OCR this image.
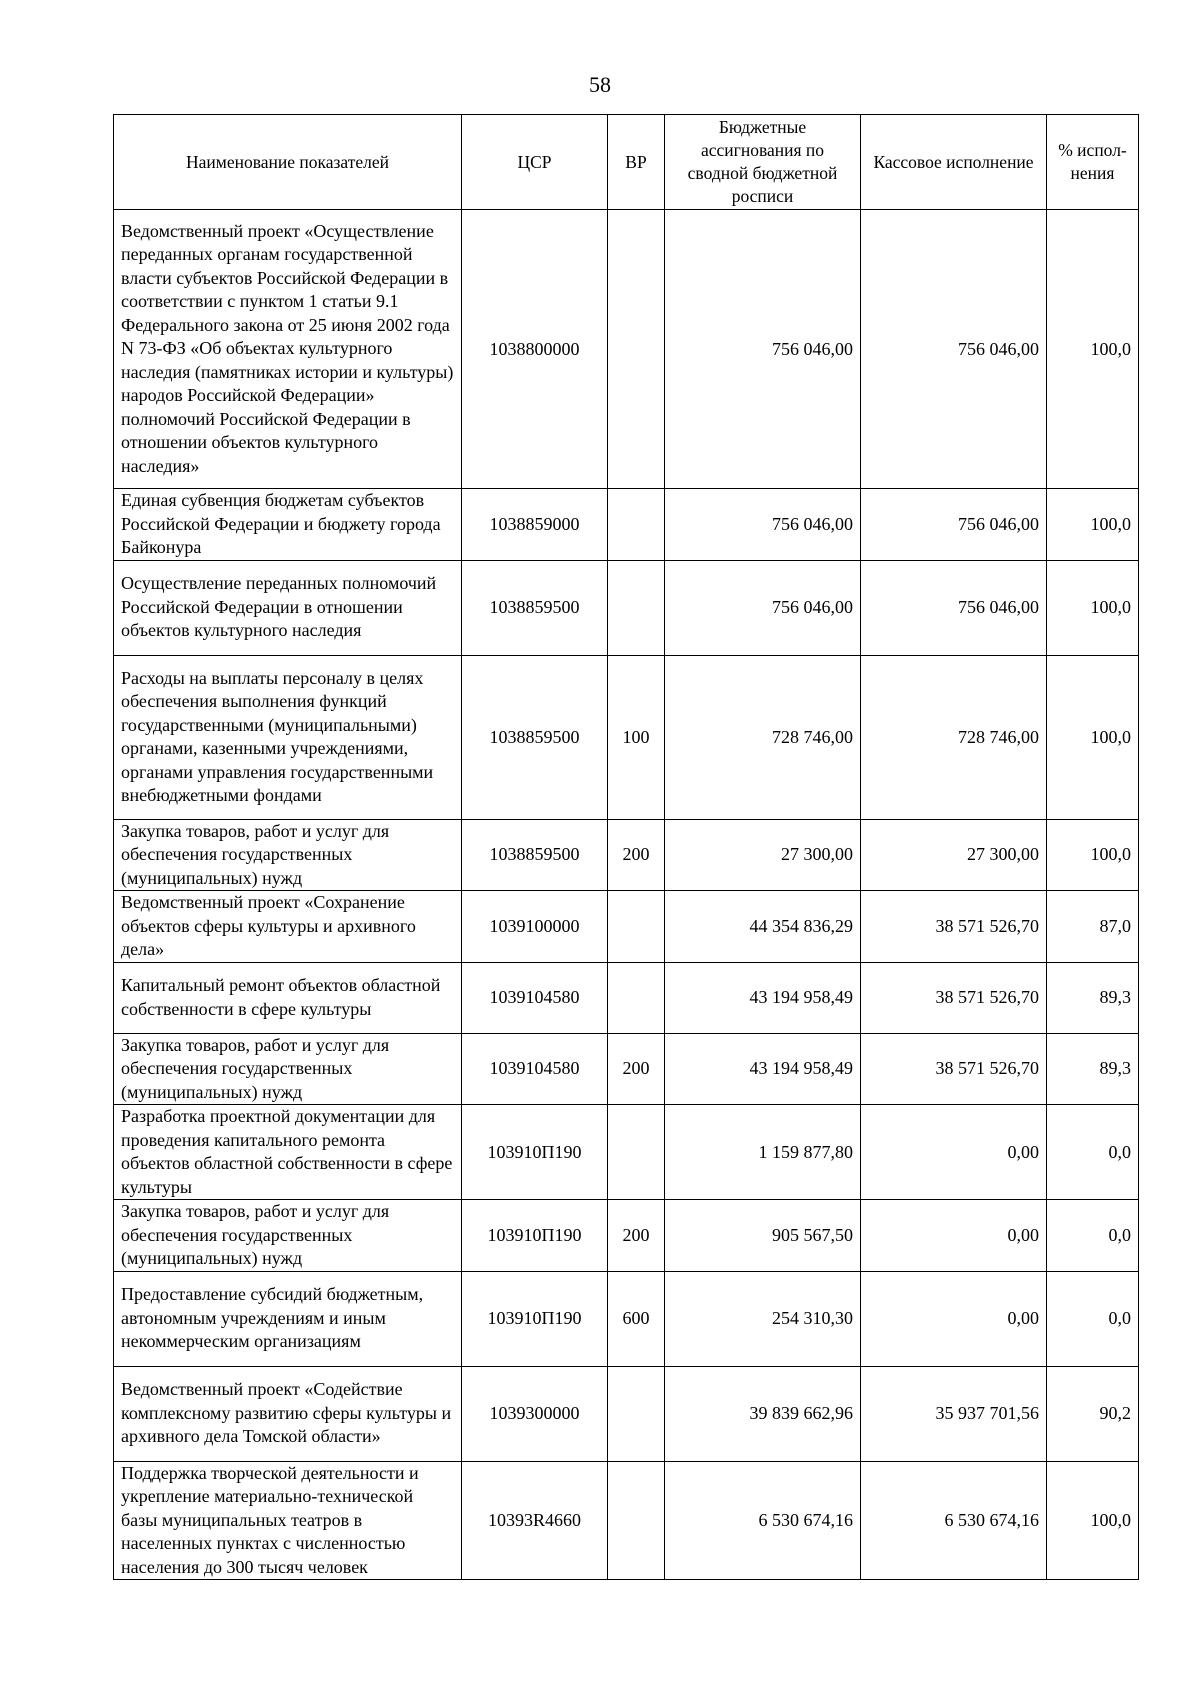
58
Наименование показателей	ЦСР	ВР	Бюджетные ассигнования по сводной бюджетной росписи	Кассовое исполнение	% испол-нения
Ведомственный проект «Осуществление переданных органам государственной власти субъектов Российской Федерации в соответствии с пунктом 1 статьи 9.1 Федерального закона от 25 июня 2002 года N 73-ФЗ «Об объектах культурного наследия (памятниках истории и культуры) народов Российской Федерации» полномочий Российской Федерации в отношении объектов культурного наследия»	1038800000		756 046,00	756 046,00	100,0
Единая субвенция бюджетам субъектов Российской Федерации и бюджету города Байконура	1038859000		756 046,00	756 046,00	100,0
Осуществление переданных полномочий Российской Федерации в отношении объектов культурного наследия	1038859500		756 046,00	756 046,00	100,0
Расходы на выплаты персоналу в целях обеспечения выполнения функций государственными (муниципальными) органами, казенными учреждениями, органами управления государственными внебюджетными фондами	1038859500	100	728 746,00	728 746,00	100,0
Закупка товаров, работ и услуг для обеспечения государственных (муниципальных) нужд	1038859500	200	27 300,00	27 300,00	100,0
Ведомственный проект «Сохранение объектов сферы культуры и архивного дела»	1039100000		44 354 836,29	38 571 526,70	87,0
Капитальный ремонт объектов областной собственности в сфере культуры	1039104580		43 194 958,49	38 571 526,70	89,3
Закупка товаров, работ и услуг для обеспечения государственных (муниципальных) нужд	1039104580	200	43 194 958,49	38 571 526,70	89,3
Разработка проектной документации для проведения капитального ремонта объектов областной собственности в сфере культуры	103910П190		1 159 877,80	0,00	0,0
Закупка товаров, работ и услуг для обеспечения государственных (муниципальных) нужд	103910П190	200	905 567,50	0,00	0,0
Предоставление субсидий бюджетным, автономным учреждениям и иным некоммерческим организациям	103910П190	600	254 310,30	0,00	0,0
Ведомственный проект «Содействие комплексному развитию сферы культуры и архивного дела Томской области»	1039300000		39 839 662,96	35 937 701,56	90,2
Поддержка творческой деятельности и укрепление материально-технической базы муниципальных театров в населенных пунктах с численностью населения до 300 тысяч человек	10393R4660		6 530 674,16	6 530 674,16	100,0
